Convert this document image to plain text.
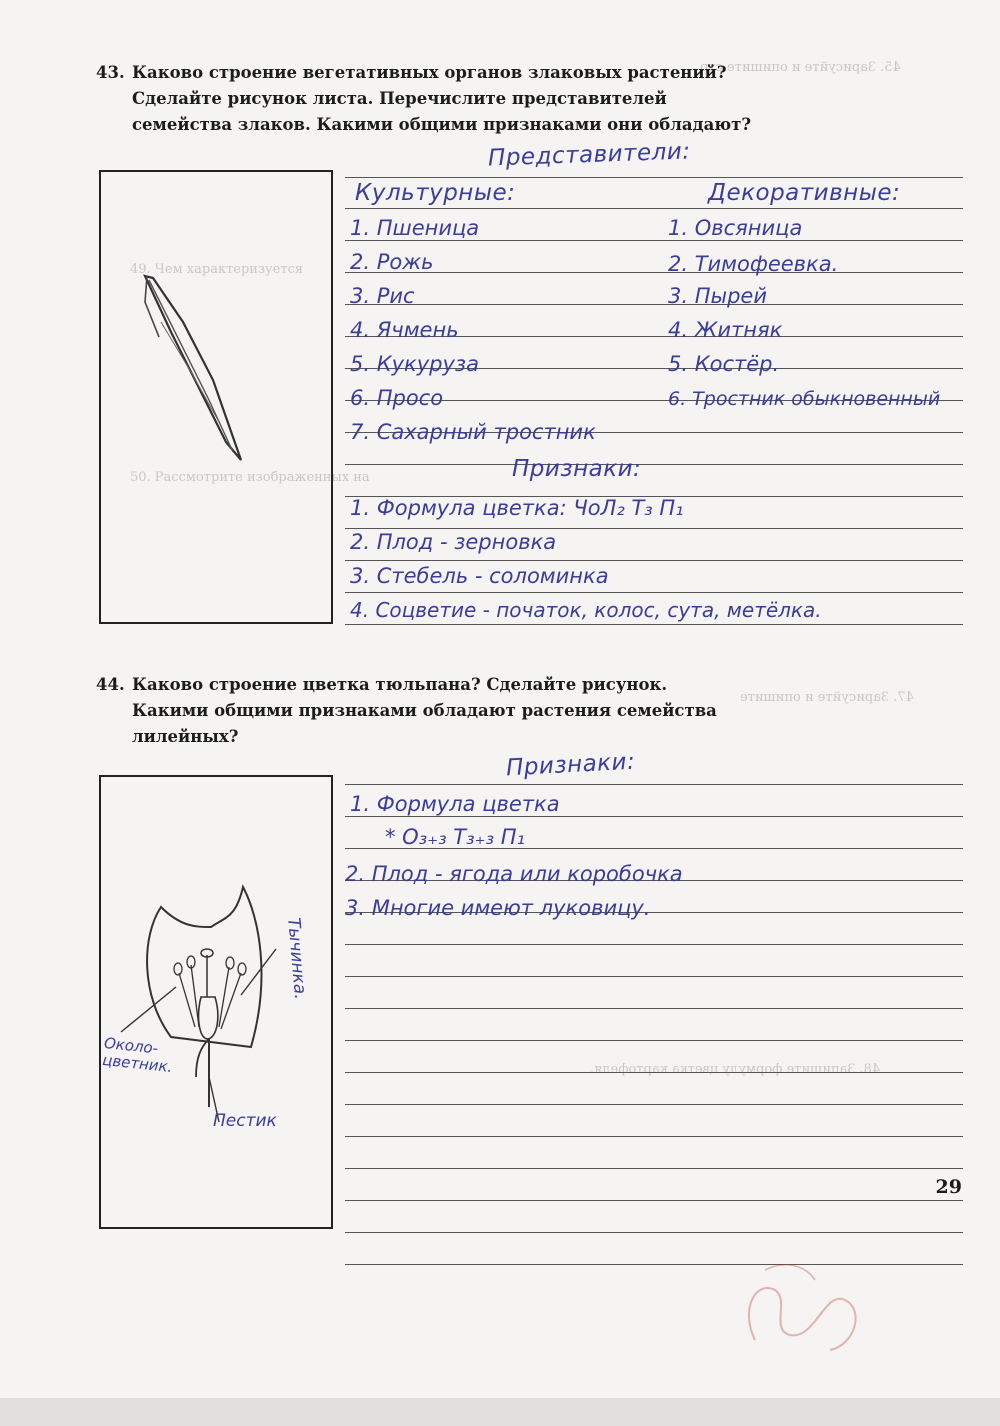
45. Зарисуйте и опишите стр
49. Чем характеризуется
50. Рассмотрите изображенных на
47. Зарисуйте и опишите
48. Запишите формулу цветка картофеля.
43. Каково строение вегетативных органов злаковых растений?
Сделайте рисунок листа. Перечислите представителей
семейства злаков. Какими общими признаками они обладают?
Представители:
Культурные:	Декоративные:
1. Пшеница
2. Рожь
3. Рис
4. Ячмень
5. Кукуруза
6. Просо
7. Сахарный тростник
1. Овсяница
2. Тимофеевка.
3. Пырей
4. Житняк
5. Костёр.
6. Тростник обыкновенный
Признаки:
1. Формула цветка: ЧоЛ₂ Т₃ П₁
2. Плод - зерновка
3. Стебель - соломинка
4. Соцветие - початок, колос, сута, метёлка.
44. Каково строение цветка тюльпана? Сделайте рисунок.
Какими общими признаками обладают растения семейства
лилейных?
Тычинка.
Около-цветник.
Пестик
Признаки:
1. Формула цветка
* О₃₊₃ Т₃₊₃ П₁
2. Плод - ягода или коробочка
3. Многие имеют луковицу.
29
